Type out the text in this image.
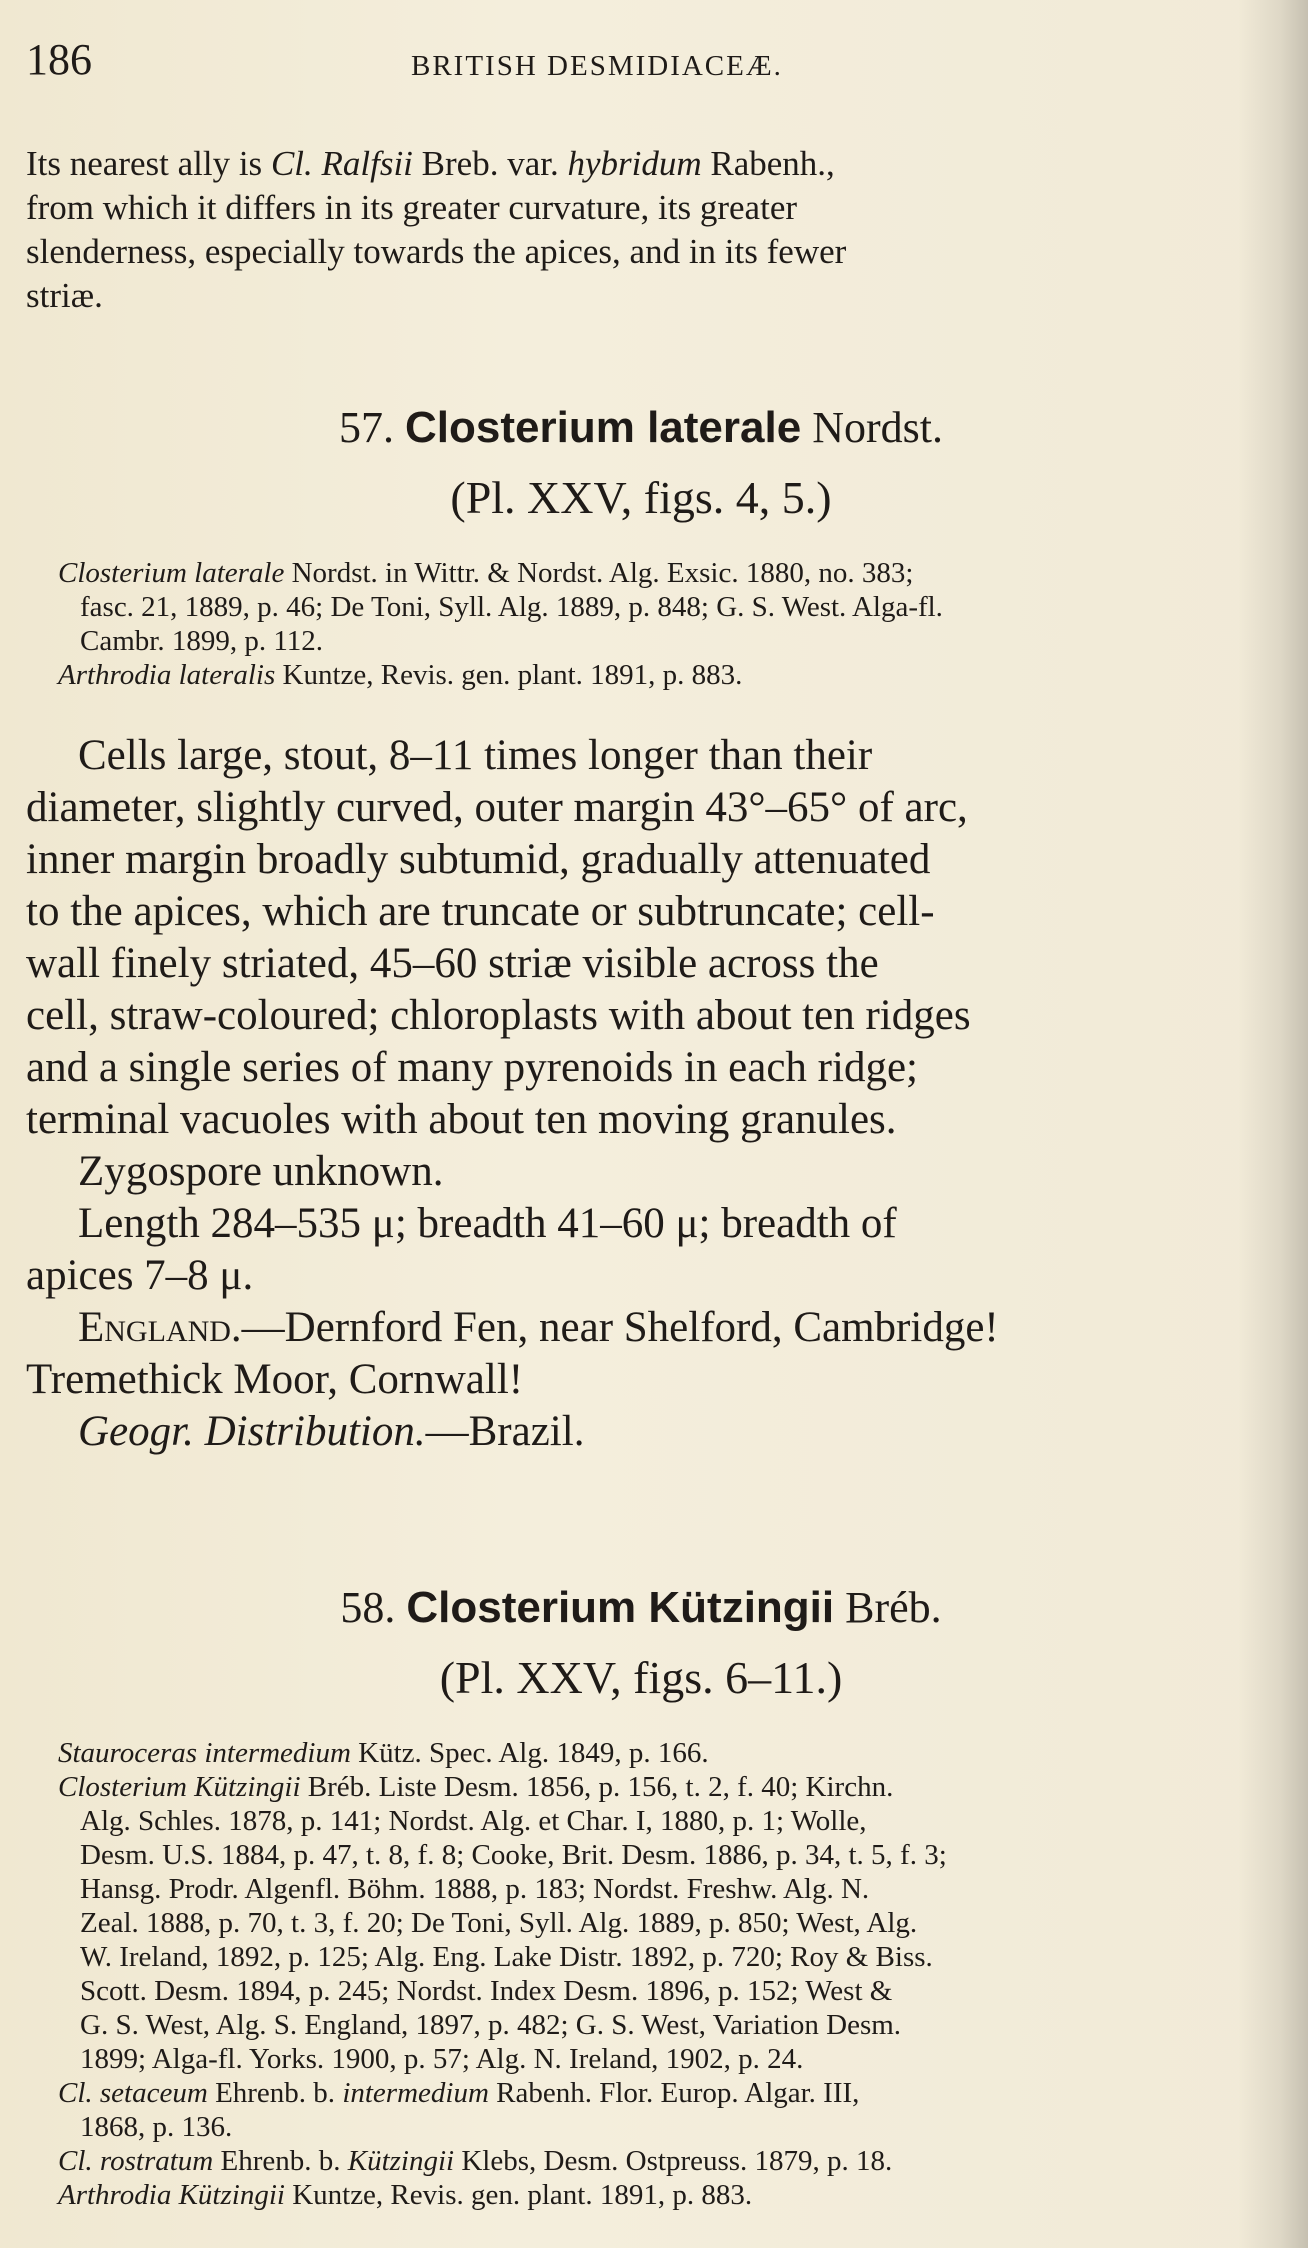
186	BRITISH DESMIDIACEÆ.
Its nearest ally is Cl. Ralfsii Breb. var. hybridum Rabenh.,
from which it differs in its greater curvature, its greater
slenderness, especially towards the apices, and in its fewer
striæ.
57. Closterium laterale Nordst.
(Pl. XXV, figs. 4, 5.)
Closterium laterale Nordst. in Wittr. & Nordst. Alg. Exsic. 1880, no. 383;
fasc. 21, 1889, p. 46; De Toni, Syll. Alg. 1889, p. 848; G. S. West. Alga-fl.
Cambr. 1899, p. 112.
Arthrodia lateralis Kuntze, Revis. gen. plant. 1891, p. 883.
Cells large, stout, 8–11 times longer than their
diameter, slightly curved, outer margin 43°–65° of arc,
inner margin broadly subtumid, gradually attenuated
to the apices, which are truncate or subtruncate; cell-
wall finely striated, 45–60 striæ visible across the
cell, straw-coloured; chloroplasts with about ten ridges
and a single series of many pyrenoids in each ridge;
terminal vacuoles with about ten moving granules.
Zygospore unknown.
Length 284–535 μ; breadth 41–60 μ; breadth of
apices 7–8 μ.
England.—Dernford Fen, near Shelford, Cambridge!
Tremethick Moor, Cornwall!
Geogr. Distribution.—Brazil.
58. Closterium Kützingii Bréb.
(Pl. XXV, figs. 6–11.)
Stauroceras intermedium Kütz. Spec. Alg. 1849, p. 166.
Closterium Kützingii Bréb. Liste Desm. 1856, p. 156, t. 2, f. 40; Kirchn.
Alg. Schles. 1878, p. 141; Nordst. Alg. et Char. I, 1880, p. 1; Wolle,
Desm. U.S. 1884, p. 47, t. 8, f. 8; Cooke, Brit. Desm. 1886, p. 34, t. 5, f. 3;
Hansg. Prodr. Algenfl. Böhm. 1888, p. 183; Nordst. Freshw. Alg. N.
Zeal. 1888, p. 70, t. 3, f. 20; De Toni, Syll. Alg. 1889, p. 850; West, Alg.
W. Ireland, 1892, p. 125; Alg. Eng. Lake Distr. 1892, p. 720; Roy & Biss.
Scott. Desm. 1894, p. 245; Nordst. Index Desm. 1896, p. 152; West &
G. S. West, Alg. S. England, 1897, p. 482; G. S. West, Variation Desm.
1899; Alga-fl. Yorks. 1900, p. 57; Alg. N. Ireland, 1902, p. 24.
Cl. setaceum Ehrenb. b. intermedium Rabenh. Flor. Europ. Algar. III,
1868, p. 136.
Cl. rostratum Ehrenb. b. Kützingii Klebs, Desm. Ostpreuss. 1879, p. 18.
Arthrodia Kützingii Kuntze, Revis. gen. plant. 1891, p. 883.
